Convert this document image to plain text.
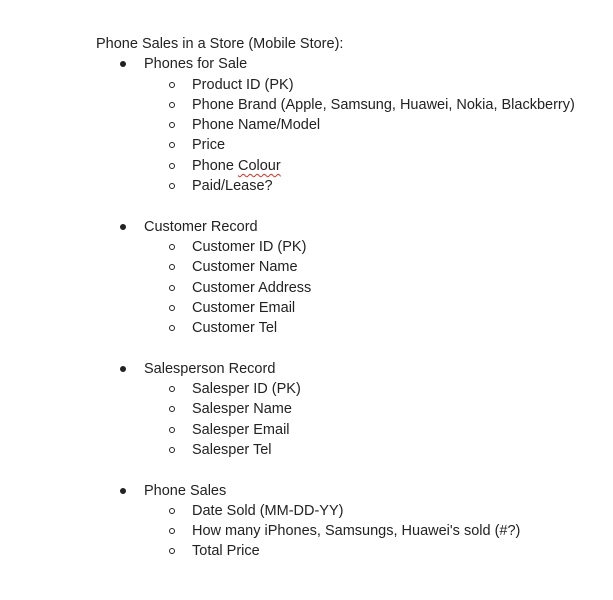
Phone Sales in a Store (Mobile Store):
Phones for Sale
Product ID (PK)
Phone Brand (Apple, Samsung, Huawei, Nokia, Blackberry)
Phone Name/Model
Price
Phone Colour
Paid/Lease?
Customer Record
Customer ID (PK)
Customer Name
Customer Address
Customer Email
Customer Tel
Salesperson Record
Salesper ID (PK)
Salesper Name
Salesper Email
Salesper Tel
Phone Sales
Date Sold (MM-DD-YY)
How many iPhones, Samsungs, Huawei's sold (#?)
Total Price
